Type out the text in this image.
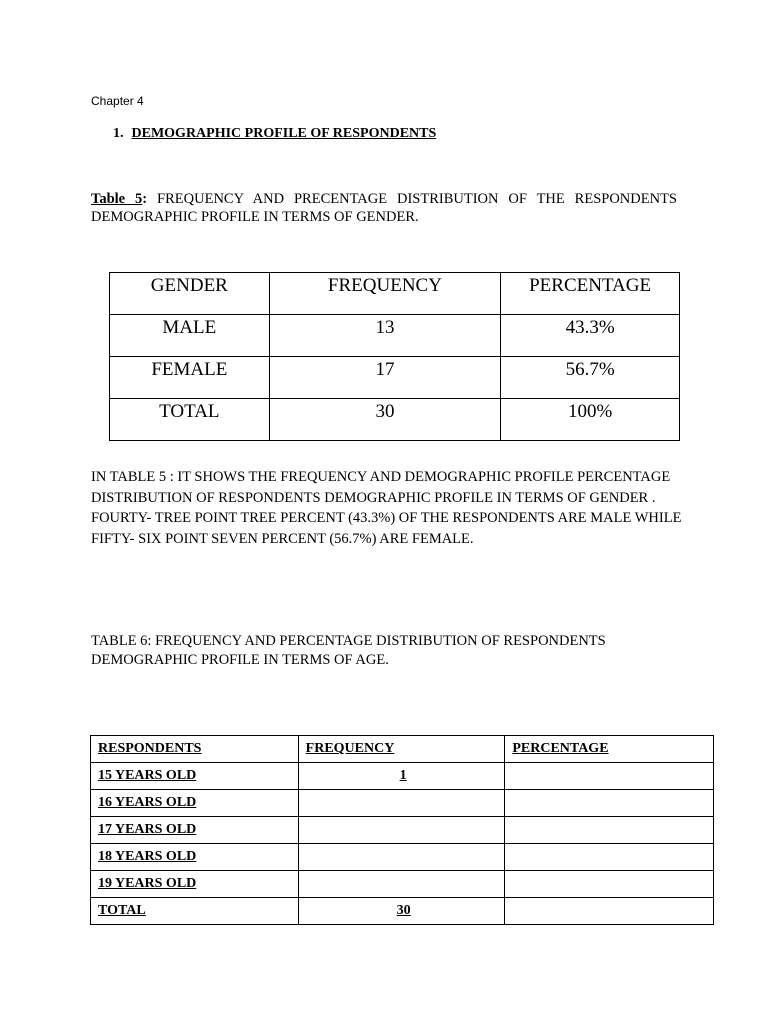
Chapter 4
1. DEMOGRAPHIC PROFILE OF RESPONDENTS
Table 5: FREQUENCY AND PRECENTAGE DISTRIBUTION OF THE RESPONDENTS DEMOGRAPHIC PROFILE IN TERMS OF GENDER.
GENDER	FREQUENCY	PERCENTAGE
MALE	13	43.3%
FEMALE	17	56.7%
TOTAL	30	100%
IN TABLE 5 : IT SHOWS THE FREQUENCY AND DEMOGRAPHIC PROFILE PERCENTAGE DISTRIBUTION OF RESPONDENTS DEMOGRAPHIC PROFILE IN TERMS OF GENDER . FOURTY- TREE POINT TREE PERCENT (43.3%) OF THE RESPONDENTS ARE MALE WHILE FIFTY- SIX POINT SEVEN PERCENT (56.7%) ARE FEMALE.
TABLE 6: FREQUENCY AND PERCENTAGE DISTRIBUTION OF RESPONDENTS DEMOGRAPHIC PROFILE IN TERMS OF AGE.
RESPONDENTS	FREQUENCY	PERCENTAGE
15 YEARS OLD	1	
16 YEARS OLD		
17 YEARS OLD		
18 YEARS OLD		
19 YEARS OLD		
TOTAL	30	
